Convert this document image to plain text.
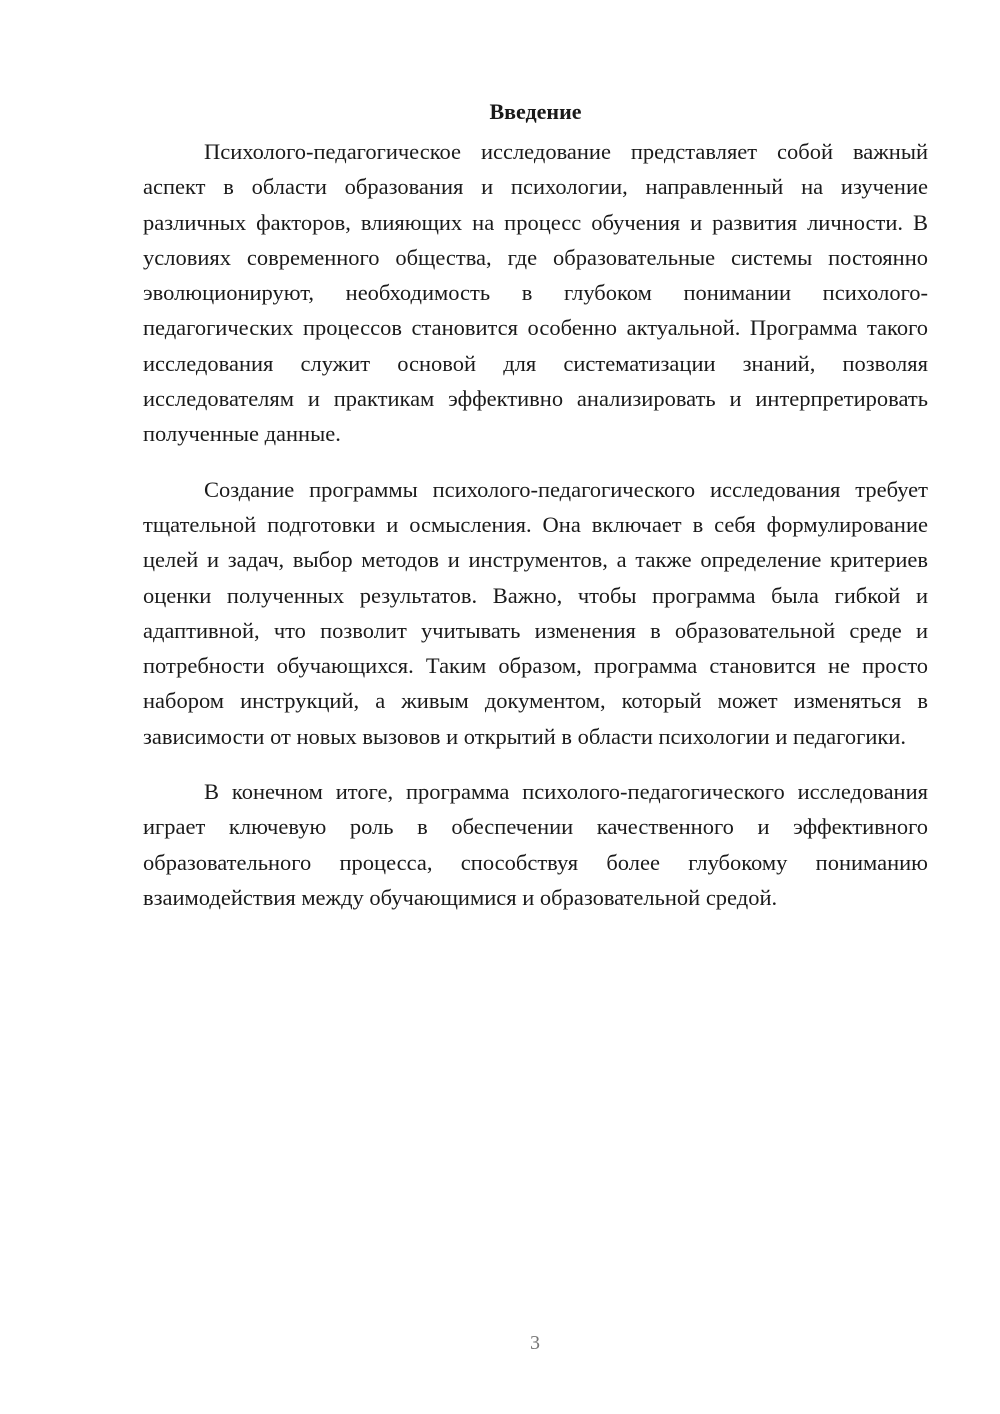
Введение

Психолого-педагогическое исследование представляет собой важный аспект в области образования и психологии, направленный на изучение различных факторов, влияющих на процесс обучения и развития личности. В условиях современного общества, где образовательные системы постоянно эволюционируют, необходимость в глубоком понимании психолого-педагогических процессов становится особенно актуальной. Программа такого исследования служит основой для систематизации знаний, позволяя исследователям и практикам эффективно анализировать и интерпретировать полученные данные.

Создание программы психолого-педагогического исследования требует тщательной подготовки и осмысления. Она включает в себя формулирование целей и задач, выбор методов и инструментов, а также определение критериев оценки полученных результатов. Важно, чтобы программа была гибкой и адаптивной, что позволит учитывать изменения в образовательной среде и потребности обучающихся. Таким образом, программа становится не просто набором инструкций, а живым документом, который может изменяться в зависимости от новых вызовов и открытий в области психологии и педагогики.

В конечном итоге, программа психолого-педагогического исследования играет ключевую роль в обеспечении качественного и эффективного образовательного процесса, способствуя более глубокому пониманию взаимодействия между обучающимися и образовательной средой.

3
